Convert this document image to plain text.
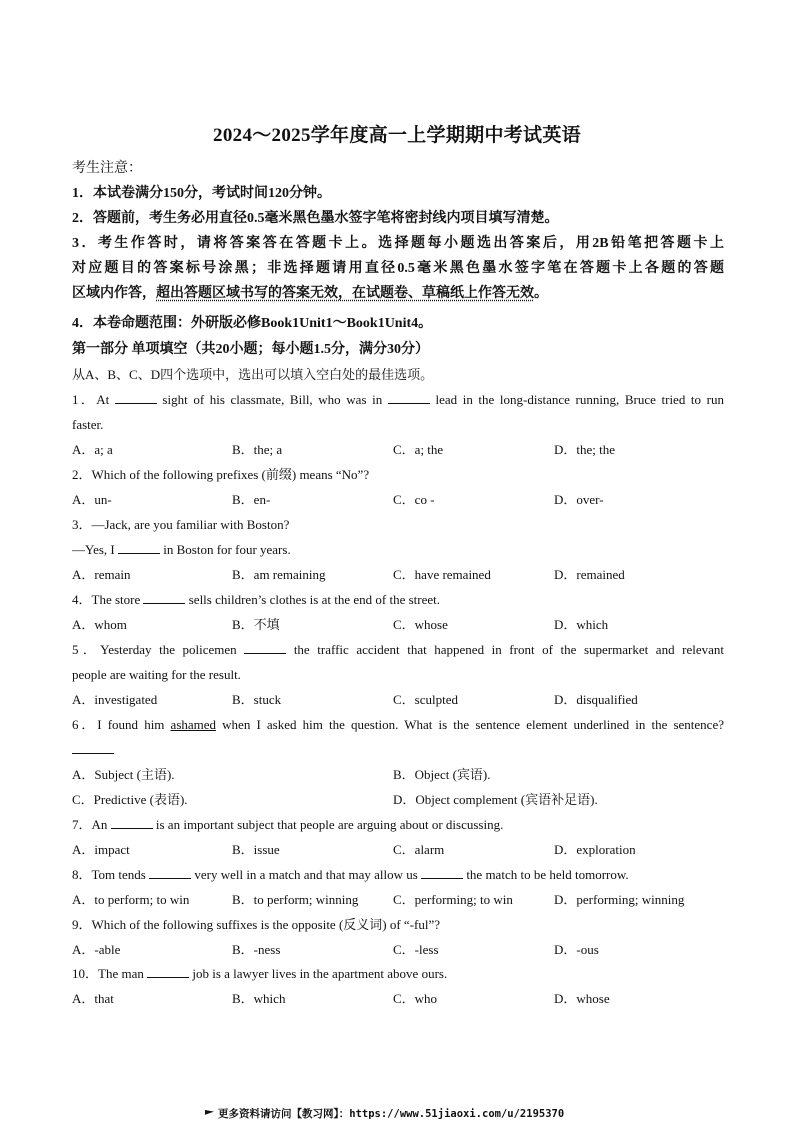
2024～2025学年度高一上学期期中考试英语
考生注意：
1．本试卷满分150分，考试时间120分钟。
2．答题前，考生务必用直径0.5毫米黑色墨水签字笔将密封线内项目填写清楚。
3．考生作答时，请将答案答在答题卡上。选择题每小题选出答案后，用2B铅笔把答题卡上
对应题目的答案标号涂黑；非选择题请用直径0.5毫米黑色墨水签字笔在答题卡上各题的答题
区域内作答，超出答题区域书写的答案无效，在试题卷、草稿纸上作答无效。
4．本卷命题范围：外研版必修Book1Unit1～Book1Unit4。
第一部分 单项填空（共20小题；每小题1.5分，满分30分）
从A、B、C、D四个选项中，选出可以填入空白处的最佳选项。
1．At	sight of his classmate, Bill, who was in	lead in the long-distance running, Bruce tried to run
faster.
A．a; a	B．the; a	C．a; the	D．the; the
2．Which of the following prefixes (前缀) means “No”?
A．un-	B．en-	C．co -	D．over-
3．—Jack, are you familiar with Boston?
—Yes, I	in Boston for four years.
A．remain	B．am remaining	C．have remained	D．remained
4．The store	sells children’s clothes is at the end of the street.
A．whom	B．不填	C．whose	D．which
5．Yesterday the policemen	the traffic accident that happened in front of the supermarket and relevant
people are waiting for the result.
A．investigated	B．stuck	C．sculpted	D．disqualified
6．I found him ashamed when I asked him the question. What is the sentence element underlined in the sentence?
A．Subject (主语).	B．Object (宾语).
C．Predictive (表语).	D．Object complement (宾语补足语).
7．An	is an important subject that people are arguing about or discussing.
A．impact	B．issue	C．alarm	D．exploration
8．Tom tends	very well in a match and that may allow us	the match to be held tomorrow.
A．to perform; to win	B．to perform; winning	C．performing; to win	D．performing; winning
9．Which of the following suffixes is the opposite (反义词) of “-ful”?
A．-able	B．-ness	C．-less	D．-ous
10．The man	job is a lawyer lives in the apartment above ours.
A．that	B．which	C．who	D．whose
更多资料请访问【教习网】：https://www.51jiaoxi.com/u/2195370
